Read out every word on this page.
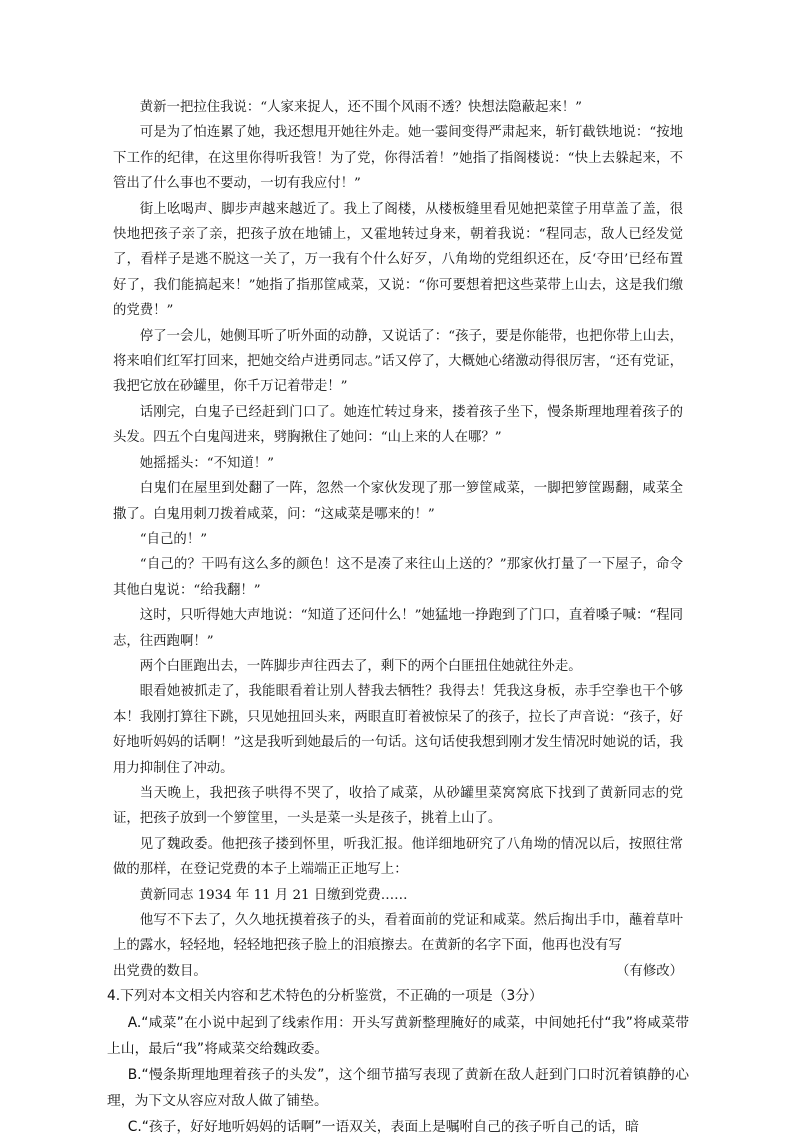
黄新一把拉住我说：“人家来捉人，还不围个风雨不透？快想法隐蔽起来！”

可是为了怕连累了她，我还想甩开她往外走。她一霎间变得严肃起来，斩钉截铁地说：“按地下工作的纪律，在这里你得听我管！为了党，你得活着！”她指了指阁楼说：“快上去躲起来，不管出了什么事也不要动，一切有我应付！”

街上吆喝声、脚步声越来越近了。我上了阁楼，从楼板缝里看见她把菜筐子用草盖了盖，很快地把孩子亲了亲，把孩子放在地铺上，又霍地转过身来，朝着我说：“程同志，敌人已经发觉了，看样子是逃不脱这一关了，万一我有个什么好歹，八角坳的党组织还在，反‘夺田’已经布置好了，我们能搞起来！”她指了指那筐咸菜，又说：“你可要想着把这些菜带上山去，这是我们缴的党费！”

停了一会儿，她侧耳听了听外面的动静，又说话了：“孩子，要是你能带，也把你带上山去，将来咱们红军打回来，把她交给卢进勇同志。”话又停了，大概她心绪激动得很厉害，“还有党证，我把它放在砂罐里，你千万记着带走！”

话刚完，白鬼子已经赶到门口了。她连忙转过身来，搂着孩子坐下，慢条斯理地理着孩子的头发。四五个白鬼闯进来，劈胸揪住了她问：“山上来的人在哪？”

她摇摇头：“不知道！”

白鬼们在屋里到处翻了一阵，忽然一个家伙发现了那一箩筐咸菜，一脚把箩筐踢翻，咸菜全撒了。白鬼用刺刀拨着咸菜，问：“这咸菜是哪来的！”

“自己的！”

“自己的？干吗有这么多的颜色！这不是凑了来往山上送的？”那家伙打量了一下屋子，命令其他白鬼说：“给我翻！”

这时，只听得她大声地说：“知道了还问什么！”她猛地一挣跑到了门口，直着嗓子喊：“程同志，往西跑啊！”

两个白匪跑出去，一阵脚步声往西去了，剩下的两个白匪扭住她就往外走。

眼看她被抓走了，我能眼看着让别人替我去牺牲？我得去！凭我这身板，赤手空拳也干个够本！我刚打算往下跳，只见她扭回头来，两眼直盯着被惊呆了的孩子，拉长了声音说：“孩子，好好地听妈妈的话啊！”这是我听到她最后的一句话。这句话使我想到刚才发生情况时她说的话，我用力抑制住了冲动。

当天晚上，我把孩子哄得不哭了，收拾了咸菜，从砂罐里菜窝窝底下找到了黄新同志的党证，把孩子放到一个箩筐里，一头是菜一头是孩子，挑着上山了。

见了魏政委。他把孩子搂到怀里，听我汇报。他详细地研究了八角坳的情况以后，按照往常做的那样，在登记党费的本子上端端正正地写上：

黄新同志 1934 年 11 月 21 日缴到党费……

他写不下去了，久久地抚摸着孩子的头，看着面前的党证和咸菜。然后掏出手巾，蘸着草叶上的露水，轻轻地，轻轻地把孩子脸上的泪痕擦去。在黄新的名字下面，他再也没有写

出党费的数目。	（有修改）

4.下列对本文相关内容和艺术特色的分析鉴赏，不正确的一项是（3分）

A.“咸菜”在小说中起到了线索作用：开头写黄新整理腌好的咸菜，中间她托付“我”将咸菜带上山，最后“我”将咸菜交给魏政委。

B.“慢条斯理地理着孩子的头发”，这个细节描写表现了黄新在敌人赶到门口时沉着镇静的心理，为下文从容应对敌人做了铺垫。

C.“孩子，好好地听妈妈的话啊”一语双关，表面上是嘱咐自己的孩子听自己的话，暗
